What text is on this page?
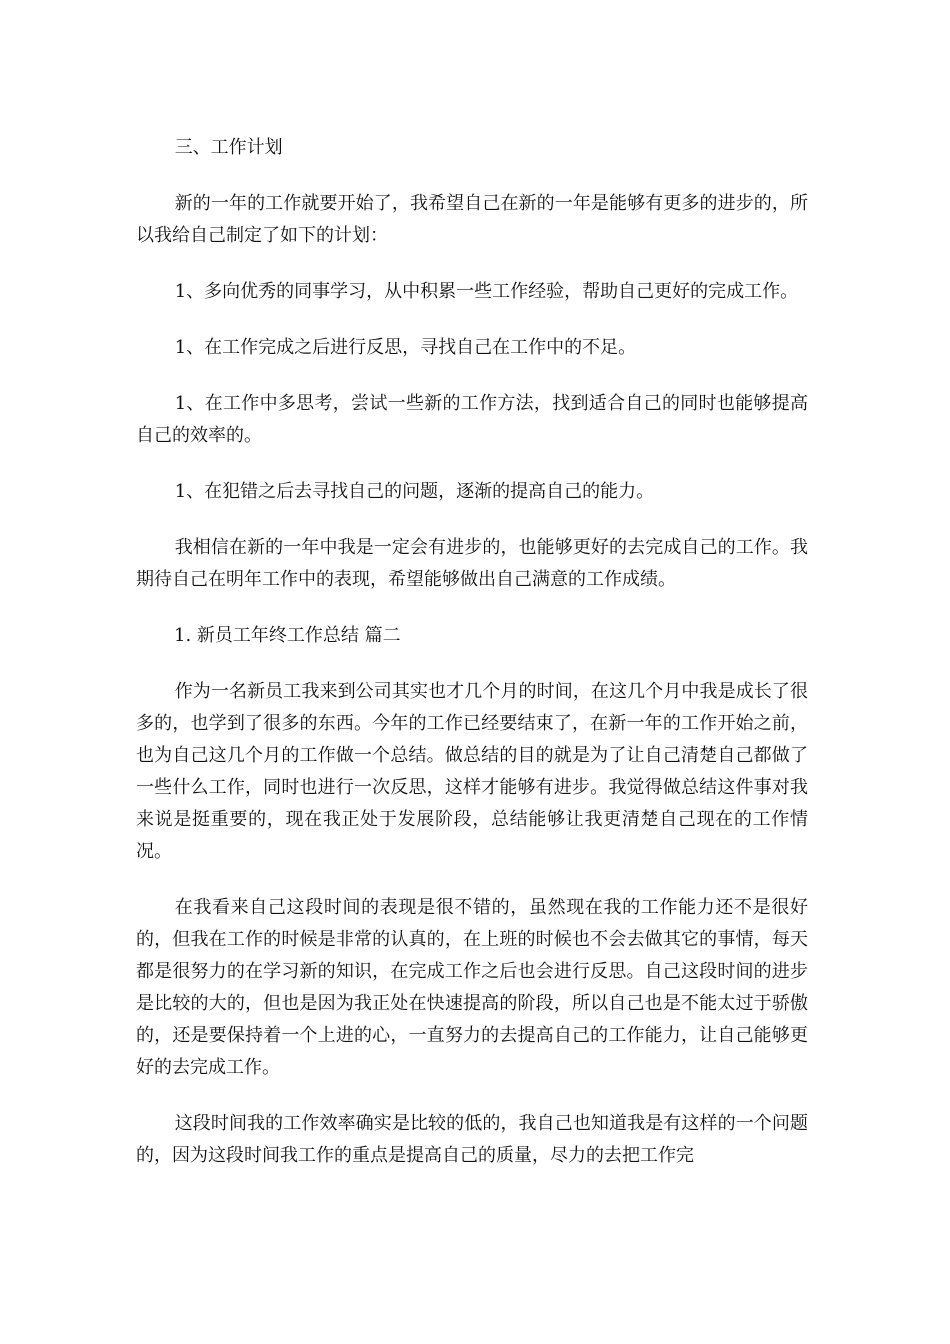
三、工作计划

新的一年的工作就要开始了，我希望自己在新的一年是能够有更多的进步的，所以我给自己制定了如下的计划：

1、多向优秀的同事学习，从中积累一些工作经验，帮助自己更好的完成工作。

1、在工作完成之后进行反思，寻找自己在工作中的不足。

1、在工作中多思考，尝试一些新的工作方法，找到适合自己的同时也能够提高自己的效率的。

1、在犯错之后去寻找自己的问题，逐渐的提高自己的能力。

我相信在新的一年中我是一定会有进步的，也能够更好的去完成自己的工作。我期待自己在明年工作中的表现，希望能够做出自己满意的工作成绩。

1. 新员工年终工作总结 篇二

作为一名新员工我来到公司其实也才几个月的时间，在这几个月中我是成长了很多的，也学到了很多的东西。今年的工作已经要结束了，在新一年的工作开始之前，也为自己这几个月的工作做一个总结。做总结的目的就是为了让自己清楚自己都做了一些什么工作，同时也进行一次反思，这样才能够有进步。我觉得做总结这件事对我来说是挺重要的，现在我正处于发展阶段，总结能够让我更清楚自己现在的工作情况。

在我看来自己这段时间的表现是很不错的，虽然现在我的工作能力还不是很好的，但我在工作的时候是非常的认真的，在上班的时候也不会去做其它的事情，每天都是很努力的在学习新的知识，在完成工作之后也会进行反思。自己这段时间的进步是比较的大的，但也是因为我正处在快速提高的阶段，所以自己也是不能太过于骄傲的，还是要保持着一个上进的心，一直努力的去提高自己的工作能力，让自己能够更好的去完成工作。

这段时间我的工作效率确实是比较的低的，我自己也知道我是有这样的一个问题的，因为这段时间我工作的重点是提高自己的质量，尽力的去把工作完
